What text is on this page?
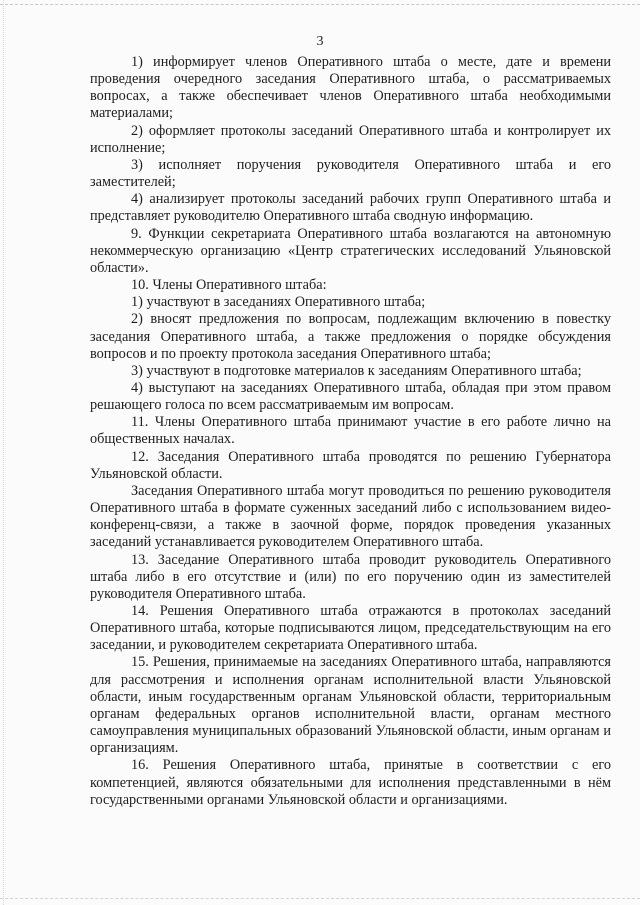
3

1) информирует членов Оперативного штаба о месте, дате и времени проведения очередного заседания Оперативного штаба, о рассматриваемых вопросах, а также обеспечивает членов Оперативного штаба необходимыми материалами;

2) оформляет протоколы заседаний Оперативного штаба и контролирует их исполнение;

3) исполняет поручения руководителя Оперативного штаба и его заместителей;

4) анализирует протоколы заседаний рабочих групп Оперативного штаба и представляет руководителю Оперативного штаба сводную информацию.

9. Функции секретариата Оперативного штаба возлагаются на автономную некоммерческую организацию «Центр стратегических исследований Ульяновской области».

10. Члены Оперативного штаба:

1) участвуют в заседаниях Оперативного штаба;

2) вносят предложения по вопросам, подлежащим включению в повестку заседания Оперативного штаба, а также предложения о порядке обсуждения вопросов и по проекту протокола заседания Оперативного штаба;

3) участвуют в подготовке материалов к заседаниям Оперативного штаба;

4) выступают на заседаниях Оперативного штаба, обладая при этом правом решающего голоса по всем рассматриваемым им вопросам.

11. Члены Оперативного штаба принимают участие в его работе лично на общественных началах.

12. Заседания Оперативного штаба проводятся по решению Губернатора Ульяновской области.

Заседания Оперативного штаба могут проводиться по решению руководителя Оперативного штаба в формате суженных заседаний либо с использованием видео-конференц-связи, а также в заочной форме, порядок проведения указанных заседаний устанавливается руководителем Оперативного штаба.

13. Заседание Оперативного штаба проводит руководитель Оперативного штаба либо в его отсутствие и (или) по его поручению один из заместителей руководителя Оперативного штаба.

14. Решения Оперативного штаба отражаются в протоколах заседаний Оперативного штаба, которые подписываются лицом, председательствующим на его заседании, и руководителем секретариата Оперативного штаба.

15. Решения, принимаемые на заседаниях Оперативного штаба, направляются для рассмотрения и исполнения органам исполнительной власти Ульяновской области, иным государственным органам Ульяновской области, территориальным органам федеральных органов исполнительной власти, органам местного самоуправления муниципальных образований Ульяновской области, иным органам и организациям.

16. Решения Оперативного штаба, принятые в соответствии с его компетенцией, являются обязательными для исполнения представленными в нём государственными органами Ульяновской области и организациями.
